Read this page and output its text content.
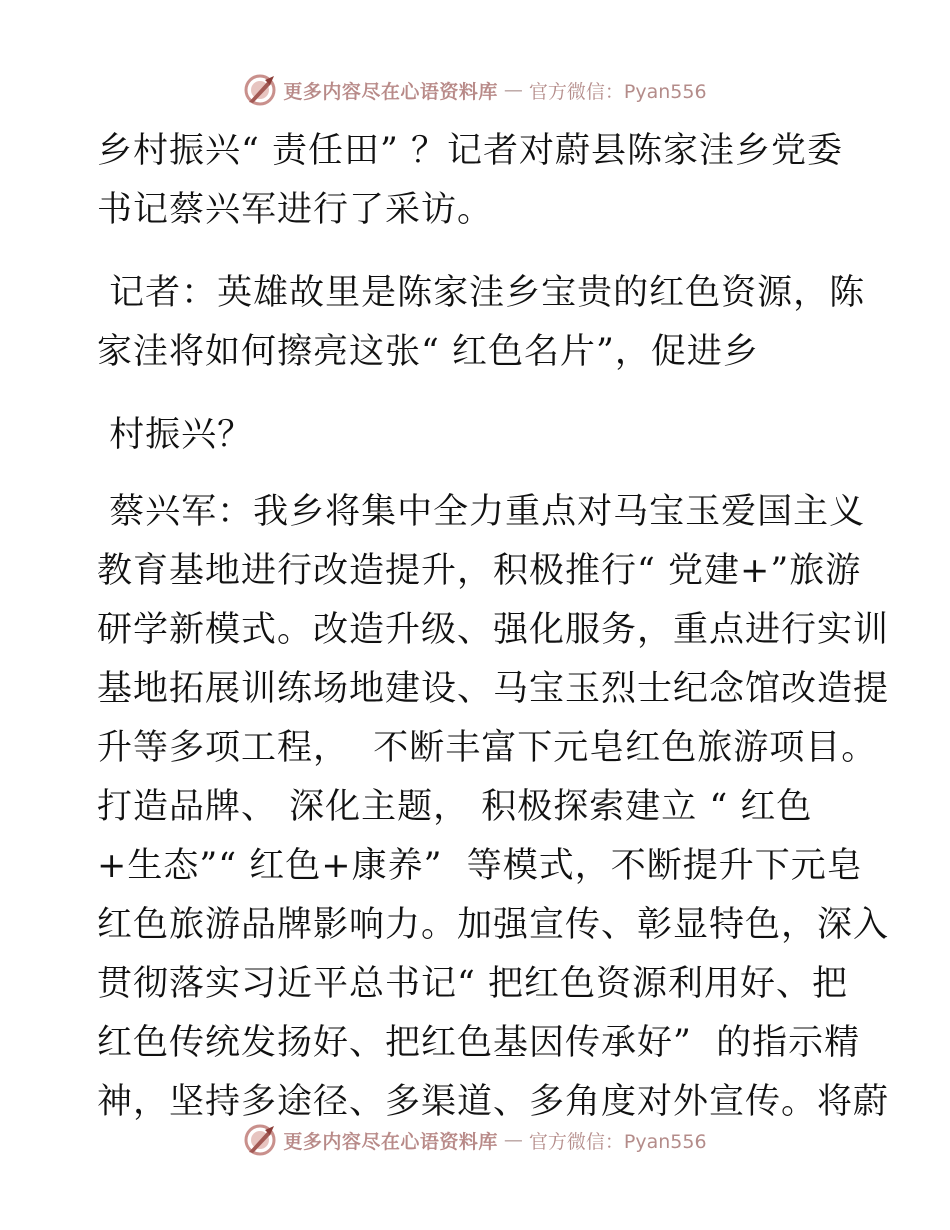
更多内容尽在心语资料库 — 官方微信：Pyan556
乡村振兴“ 责任田” ？记者对蔚县陈家洼乡党委
书记蔡兴军进行了采访。
记者：英雄故里是陈家洼乡宝贵的红色资源，陈
家洼将如何擦亮这张“ 红色名片”，促进乡
村振兴？
蔡兴军：我乡将集中全力重点对马宝玉爱国主义
教育基地进行改造提升，积极推行“ 党建+”旅游
研学新模式。改造升级、强化服务，重点进行实训
基地拓展训练场地建设、马宝玉烈士纪念馆改造提
升等多项工程，  不断丰富下元皂红色旅游项目。
打造品牌、 深化主题， 积极探索建立 “ 红色
+生态”“ 红色+康养”  等模式，不断提升下元皂
红色旅游品牌影响力。加强宣传、彰显特色，深入
贯彻落实习近平总书记“ 把红色资源利用好、把
红色传统发扬好、把红色基因传承好”  的指示精
神，坚持多途径、多渠道、多角度对外宣传。将蔚
更多内容尽在心语资料库 — 官方微信：Pyan556
